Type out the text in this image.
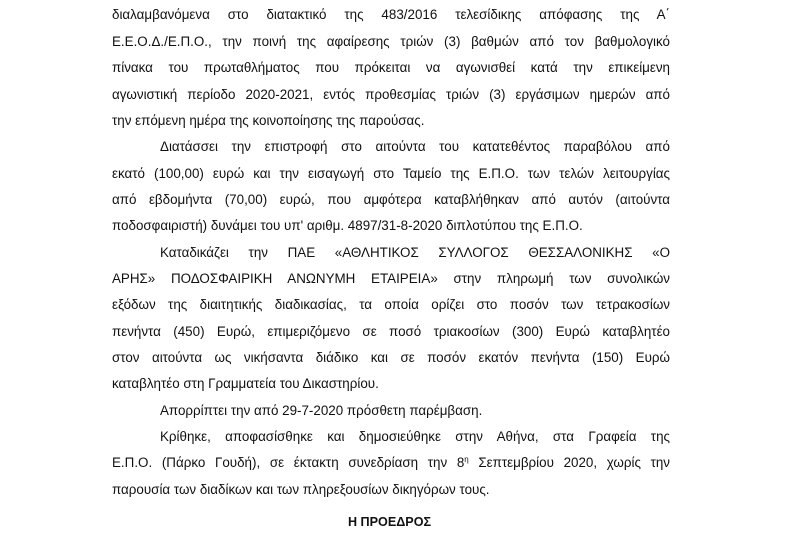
διαλαμβανόμενα στο διατακτικό της 483/2016 τελεσίδικης απόφασης της Α΄
Ε.Ε.Ο.Δ./Ε.Π.Ο., την ποινή της αφαίρεσης τριών (3) βαθμών από τον βαθμολογικό
πίνακα του πρωταθλήματος που πρόκειται να αγωνισθεί κατά την επικείμενη
αγωνιστική περίοδο 2020-2021, εντός προθεσμίας τριών (3) εργάσιμων ημερών από
την επόμενη ημέρα της κοινοποίησης της παρούσας.
Διατάσσει την επιστροφή στο αιτούντα του κατατεθέντος παραβόλου από
εκατό (100,00) ευρώ και την εισαγωγή στο Ταμείο της Ε.Π.Ο. των τελών λειτουργίας
από εβδομήντα (70,00) ευρώ, που αμφότερα καταβλήθηκαν από αυτόν (αιτούντα
ποδοσφαιριστή) δυνάμει του υπ' αριθμ. 4897/31-8-2020 διπλοτύπου της Ε.Π.Ο.
Καταδικάζει την ΠΑΕ «ΑΘΛΗΤΙΚΟΣ ΣΥΛΛΟΓΟΣ ΘΕΣΣΑΛΟΝΙΚΗΣ «Ο
ΑΡΗΣ» ΠΟΔΟΣΦΑΙΡΙΚΗ ΑΝΩΝΥΜΗ ΕΤΑΙΡΕΙΑ» στην πληρωμή των συνολικών
εξόδων της διαιτητικής διαδικασίας, τα οποία ορίζει στο ποσόν των τετρακοσίων
πενήντα (450) Ευρώ, επιμεριζόμενο σε ποσό τριακοσίων (300) Ευρώ καταβλητέο
στον αιτούντα ως νικήσαντα διάδικο και σε ποσόν εκατόν πενήντα (150) Ευρώ
καταβλητέο στη Γραμματεία του Δικαστηρίου.
Απορρίπτει την από 29-7-2020 πρόσθετη παρέμβαση.
Κρίθηκε, αποφασίσθηκε και δημοσιεύθηκε στην Αθήνα, στα Γραφεία της
Ε.Π.Ο. (Πάρκο Γουδή), σε έκτακτη συνεδρίαση την $8^\eta$ Σεπτεμβρίου 2020, χωρίς την
παρουσία των διαδίκων και των πληρεξουσίων δικηγόρων τους.
Η ΠΡΟΕΔΡΟΣ
